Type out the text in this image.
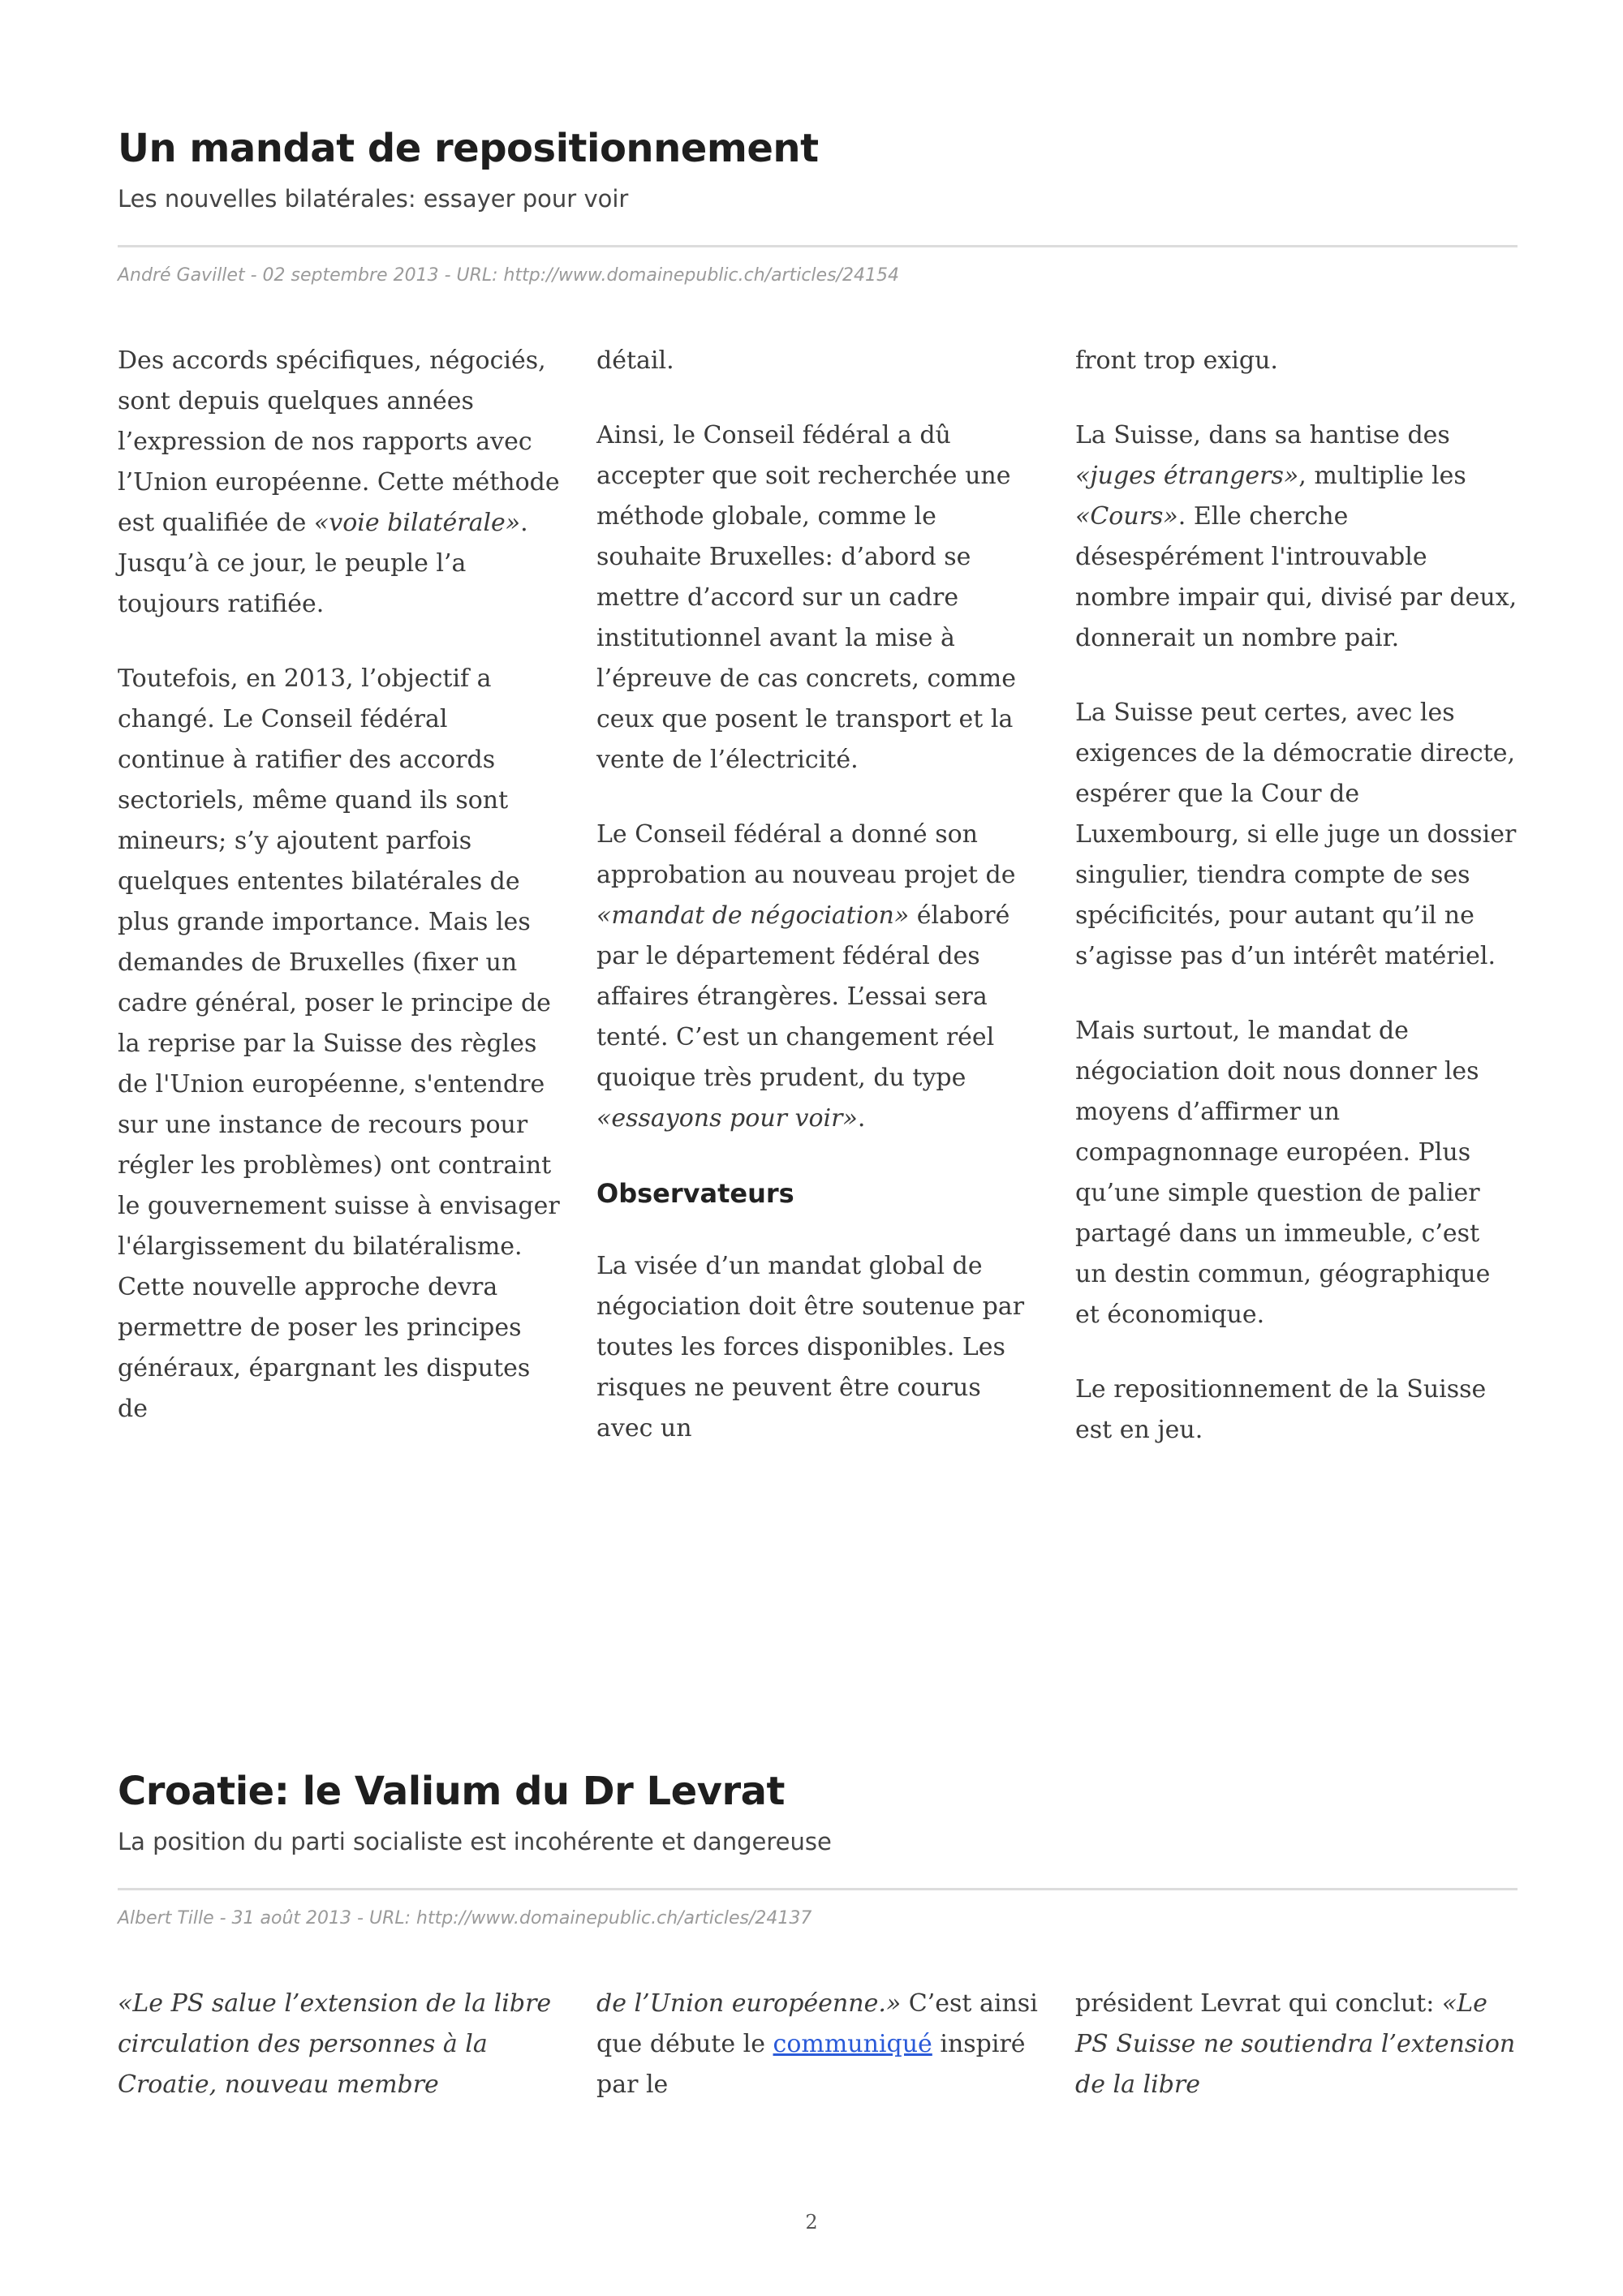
Un mandat de repositionnement

Les nouvelles bilatérales: essayer pour voir

André Gavillet - 02 septembre 2013 - URL: http://www.domainepublic.ch/articles/24154

Des accords spécifiques, négociés, sont depuis quelques années l’expression de nos rapports avec l’Union européenne. Cette méthode est qualifiée de «voie bilatérale». Jusqu’à ce jour, le peuple l’a toujours ratifiée.

Toutefois, en 2013, l’objectif a changé. Le Conseil fédéral continue à ratifier des accords sectoriels, même quand ils sont mineurs; s’y ajoutent parfois quelques ententes bilatérales de plus grande importance. Mais les demandes de Bruxelles (fixer un cadre général, poser le principe de la reprise par la Suisse des règles de l'Union européenne, s'entendre sur une instance de recours pour régler les problèmes) ont contraint le gouvernement suisse à envisager l'élargissement du bilatéralisme. Cette nouvelle approche devra permettre de poser les principes généraux, épargnant les disputes de

détail.

Ainsi, le Conseil fédéral a dû accepter que soit recherchée une méthode globale, comme le souhaite Bruxelles: d’abord se mettre d’accord sur un cadre institutionnel avant la mise à l’épreuve de cas concrets, comme ceux que posent le transport et la vente de l’électricité.

Le Conseil fédéral a donné son approbation au nouveau projet de «mandat de négociation» élaboré par le département fédéral des affaires étrangères. L’essai sera tenté. C’est un changement réel quoique très prudent, du type «essayons pour voir».

Observateurs

La visée d’un mandat global de négociation doit être soutenue par toutes les forces disponibles. Les risques ne peuvent être courus avec un

front trop exigu.

La Suisse, dans sa hantise des «juges étrangers», multiplie les «Cours». Elle cherche désespérément l'introuvable nombre impair qui, divisé par deux, donnerait un nombre pair.

La Suisse peut certes, avec les exigences de la démocratie directe, espérer que la Cour de Luxembourg, si elle juge un dossier singulier, tiendra compte de ses spécificités, pour autant qu’il ne s’agisse pas d’un intérêt matériel.

Mais surtout, le mandat de négociation doit nous donner les moyens d’affirmer un compagnonnage européen. Plus qu’une simple question de palier partagé dans un immeuble, c’est un destin commun, géographique et économique.

Le repositionnement de la Suisse est en jeu.

Croatie: le Valium du Dr Levrat

La position du parti socialiste est incohérente et dangereuse

Albert Tille - 31 août 2013 - URL: http://www.domainepublic.ch/articles/24137

«Le PS salue l’extension de la libre circulation des personnes à la Croatie, nouveau membre

de l’Union européenne.» C’est ainsi que débute le communiqué inspiré par le

président Levrat qui conclut: «Le PS Suisse ne soutiendra l’extension de la libre

2
